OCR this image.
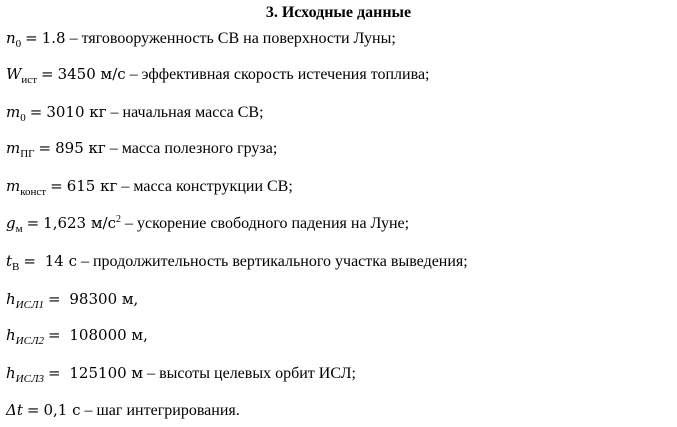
3. Исходные данные
$n_0 = 1.8$ – тяговооруженность СВ на поверхности Луны;
$W_{ист} = 3450$ м/с – эффективная скорость истечения топлива;
$m_0 = 3010$ кг – начальная масса СВ;
$m_{ПГ} = 895$ кг – масса полезного груза;
$m_{конст} = 615$ кг – масса конструкции СВ;
$g_м = 1,623$ $м/с^2$ – ускорение свободного падения на Луне;
$t_В = 14$ с – продолжительность вертикального участка выведения;
$h_{ИСЛ1} = 98300$ м,
$h_{ИСЛ2} = 108000$ м,
$h_{ИСЛ3} = 125100$ м – высоты целевых орбит ИСЛ;
Δt = 0,1 с – шаг интегрирования.
